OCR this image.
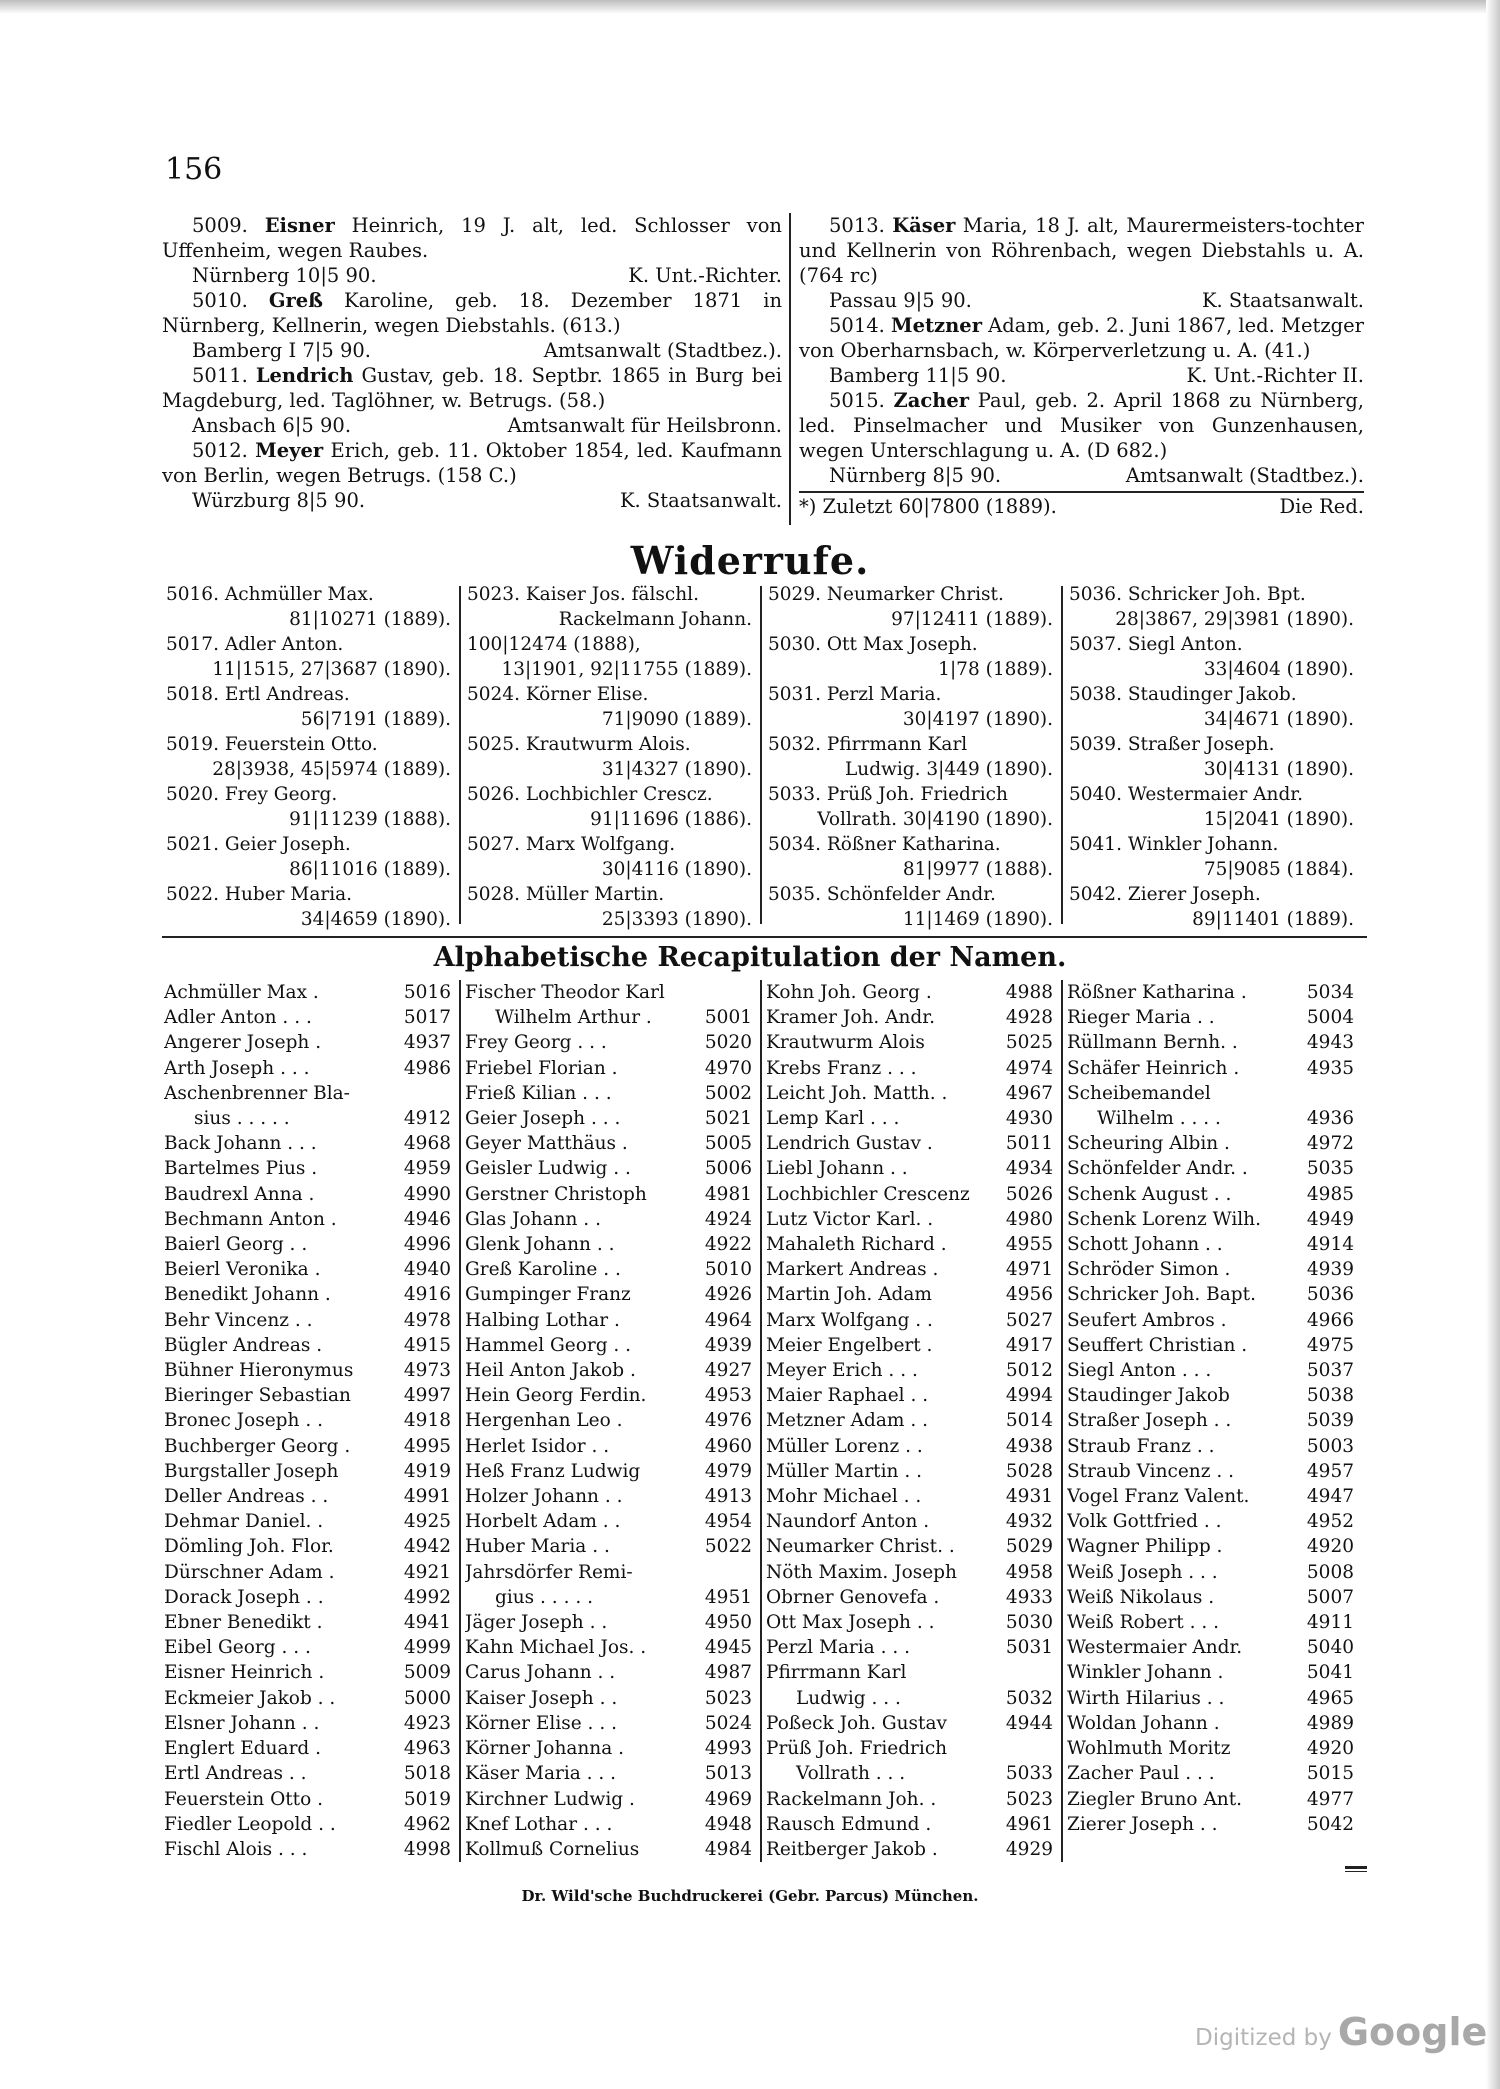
156

5009. Eisner Heinrich, 19 J. alt, led. Schlosser von Uffenheim, wegen Raubes.

Nürnberg 10|5 90.	K. Unt.-Richter.

5010. Greß Karoline, geb. 18. Dezember 1871 in Nürnberg, Kellnerin, wegen Diebstahls. (613.)

Bamberg I 7|5 90.	Amtsanwalt (Stadtbez.).

5011. Lendrich Gustav, geb. 18. Septbr. 1865 in Burg bei Magdeburg, led. Taglöhner, w. Betrugs. (58.)

Ansbach 6|5 90.	Amtsanwalt für Heilsbronn.

5012. Meyer Erich, geb. 11. Oktober 1854, led. Kaufmann von Berlin, wegen Betrugs. (158 C.)

Würzburg 8|5 90.	K. Staatsanwalt.

5013. Käser Maria, 18 J. alt, Maurermeisters-tochter und Kellnerin von Röhrenbach, wegen Diebstahls u. A. (764 rc)

Passau 9|5 90.	K. Staatsanwalt.

5014. Metzner Adam, geb. 2. Juni 1867, led. Metzger von Oberharnsbach, w. Körperverletzung u. A. (41.)

Bamberg 11|5 90.	K. Unt.-Richter II.

5015. Zacher Paul, geb. 2. April 1868 zu Nürnberg, led. Pinselmacher und Musiker von Gunzenhausen, wegen Unterschlagung u. A. (D 682.)

Nürnberg 8|5 90.	Amtsanwalt (Stadtbez.).
*) Zuletzt 60|7800 (1889).	Die Red.
Widerrufe.
5016. Achmüller Max.
81|10271 (1889).
5017. Adler Anton.
11|1515, 27|3687 (1890).
5018. Ertl Andreas.
56|7191 (1889).
5019. Feuerstein Otto.
28|3938, 45|5974 (1889).
5020. Frey Georg.
91|11239 (1888).
5021. Geier Joseph.
86|11016 (1889).
5022. Huber Maria.
34|4659 (1890).
5023. Kaiser Jos. fälschl.
Rackelmann Johann.
100|12474 (1888),
13|1901, 92|11755 (1889).
5024. Körner Elise.
71|9090 (1889).
5025. Krautwurm Alois.
31|4327 (1890).
5026. Lochbichler Crescz.
91|11696 (1886).
5027. Marx Wolfgang.
30|4116 (1890).
5028. Müller Martin.
25|3393 (1890).
5029. Neumarker Christ.
97|12411 (1889).
5030. Ott Max Joseph.
1|78 (1889).
5031. Perzl Maria.
30|4197 (1890).
5032. Pfirrmann Karl
Ludwig. 3|449 (1890).
5033. Prüß Joh. Friedrich
Vollrath. 30|4190 (1890).
5034. Rößner Katharina.
81|9977 (1888).
5035. Schönfelder Andr.
11|1469 (1890).
5036. Schricker Joh. Bpt.
28|3867, 29|3981 (1890).
5037. Siegl Anton.
33|4604 (1890).
5038. Staudinger Jakob.
34|4671 (1890).
5039. Straßer Joseph.
30|4131 (1890).
5040. Westermaier Andr.
15|2041 (1890).
5041. Winkler Johann.
75|9085 (1884).
5042. Zierer Joseph.
89|11401 (1889).
Alphabetische Recapitulation der Namen.
Achmüller Max .	5016
Adler Anton . . .	5017
Angerer Joseph .	4937
Arth Joseph . . .	4986
Aschenbrenner Bla-
sius . . . . .	4912
Back Johann . . .	4968
Bartelmes Pius .	4959
Baudrexl Anna .	4990
Bechmann Anton .	4946
Baierl Georg . .	4996
Beierl Veronika .	4940
Benedikt Johann .	4916
Behr Vincenz . .	4978
Bügler Andreas .	4915
Bühner Hieronymus	4973
Bieringer Sebastian	4997
Bronec Joseph . .	4918
Buchberger Georg .	4995
Burgstaller Joseph	4919
Deller Andreas . .	4991
Dehmar Daniel. .	4925
Dömling Joh. Flor.	4942
Dürschner Adam .	4921
Dorack Joseph . .	4992
Ebner Benedikt .	4941
Eibel Georg . . .	4999
Eisner Heinrich .	5009
Eckmeier Jakob . .	5000
Elsner Johann . .	4923
Englert Eduard .	4963
Ertl Andreas . .	5018
Feuerstein Otto .	5019
Fiedler Leopold . .	4962
Fischl Alois . . .	4998
Fischer Theodor Karl
Wilhelm Arthur .	5001
Frey Georg . . .	5020
Friebel Florian .	4970
Frieß Kilian . . .	5002
Geier Joseph . . .	5021
Geyer Matthäus .	5005
Geisler Ludwig . .	5006
Gerstner Christoph	4981
Glas Johann . .	4924
Glenk Johann . .	4922
Greß Karoline . .	5010
Gumpinger Franz	4926
Halbing Lothar .	4964
Hammel Georg . .	4939
Heil Anton Jakob .	4927
Hein Georg Ferdin.	4953
Hergenhan Leo .	4976
Herlet Isidor . .	4960
Heß Franz Ludwig	4979
Holzer Johann . .	4913
Horbelt Adam . .	4954
Huber Maria . .	5022
Jahrsdörfer Remi-
gius . . . . .	4951
Jäger Joseph . .	4950
Kahn Michael Jos. .	4945
Carus Johann . .	4987
Kaiser Joseph . .	5023
Körner Elise . . .	5024
Körner Johanna .	4993
Käser Maria . . .	5013
Kirchner Ludwig .	4969
Knef Lothar . . .	4948
Kollmuß Cornelius	4984
Kohn Joh. Georg .	4988
Kramer Joh. Andr.	4928
Krautwurm Alois	5025
Krebs Franz . . .	4974
Leicht Joh. Matth. .	4967
Lemp Karl . . .	4930
Lendrich Gustav .	5011
Liebl Johann . .	4934
Lochbichler Crescenz	5026
Lutz Victor Karl. .	4980
Mahaleth Richard .	4955
Markert Andreas .	4971
Martin Joh. Adam	4956
Marx Wolfgang . .	5027
Meier Engelbert .	4917
Meyer Erich . . .	5012
Maier Raphael . .	4994
Metzner Adam . .	5014
Müller Lorenz . .	4938
Müller Martin . .	5028
Mohr Michael . .	4931
Naundorf Anton .	4932
Neumarker Christ. .	5029
Nöth Maxim. Joseph	4958
Obrner Genovefa .	4933
Ott Max Joseph . .	5030
Perzl Maria . . .	5031
Pfirrmann Karl
Ludwig . . .	5032
Poßeck Joh. Gustav	4944
Prüß Joh. Friedrich
Vollrath . . .	5033
Rackelmann Joh. .	5023
Rausch Edmund .	4961
Reitberger Jakob .	4929
Rößner Katharina .	5034
Rieger Maria . .	5004
Rüllmann Bernh. .	4943
Schäfer Heinrich .	4935
Scheibemandel
Wilhelm . . . .	4936
Scheuring Albin .	4972
Schönfelder Andr. .	5035
Schenk August . .	4985
Schenk Lorenz Wilh.	4949
Schott Johann . .	4914
Schröder Simon .	4939
Schricker Joh. Bapt.	5036
Seufert Ambros .	4966
Seuffert Christian .	4975
Siegl Anton . . .	5037
Staudinger Jakob	5038
Straßer Joseph . .	5039
Straub Franz . .	5003
Straub Vincenz . .	4957
Vogel Franz Valent.	4947
Volk Gottfried . .	4952
Wagner Philipp .	4920
Weiß Joseph . . .	5008
Weiß Nikolaus .	5007
Weiß Robert . . .	4911
Westermaier Andr.	5040
Winkler Johann .	5041
Wirth Hilarius . .	4965
Woldan Johann .	4989
Wohlmuth Moritz	4920
Zacher Paul . . .	5015
Ziegler Bruno Ant.	4977
Zierer Joseph . .	5042
Dr. Wild'sche Buchdruckerei (Gebr. Parcus) München.
Digitized by Google
